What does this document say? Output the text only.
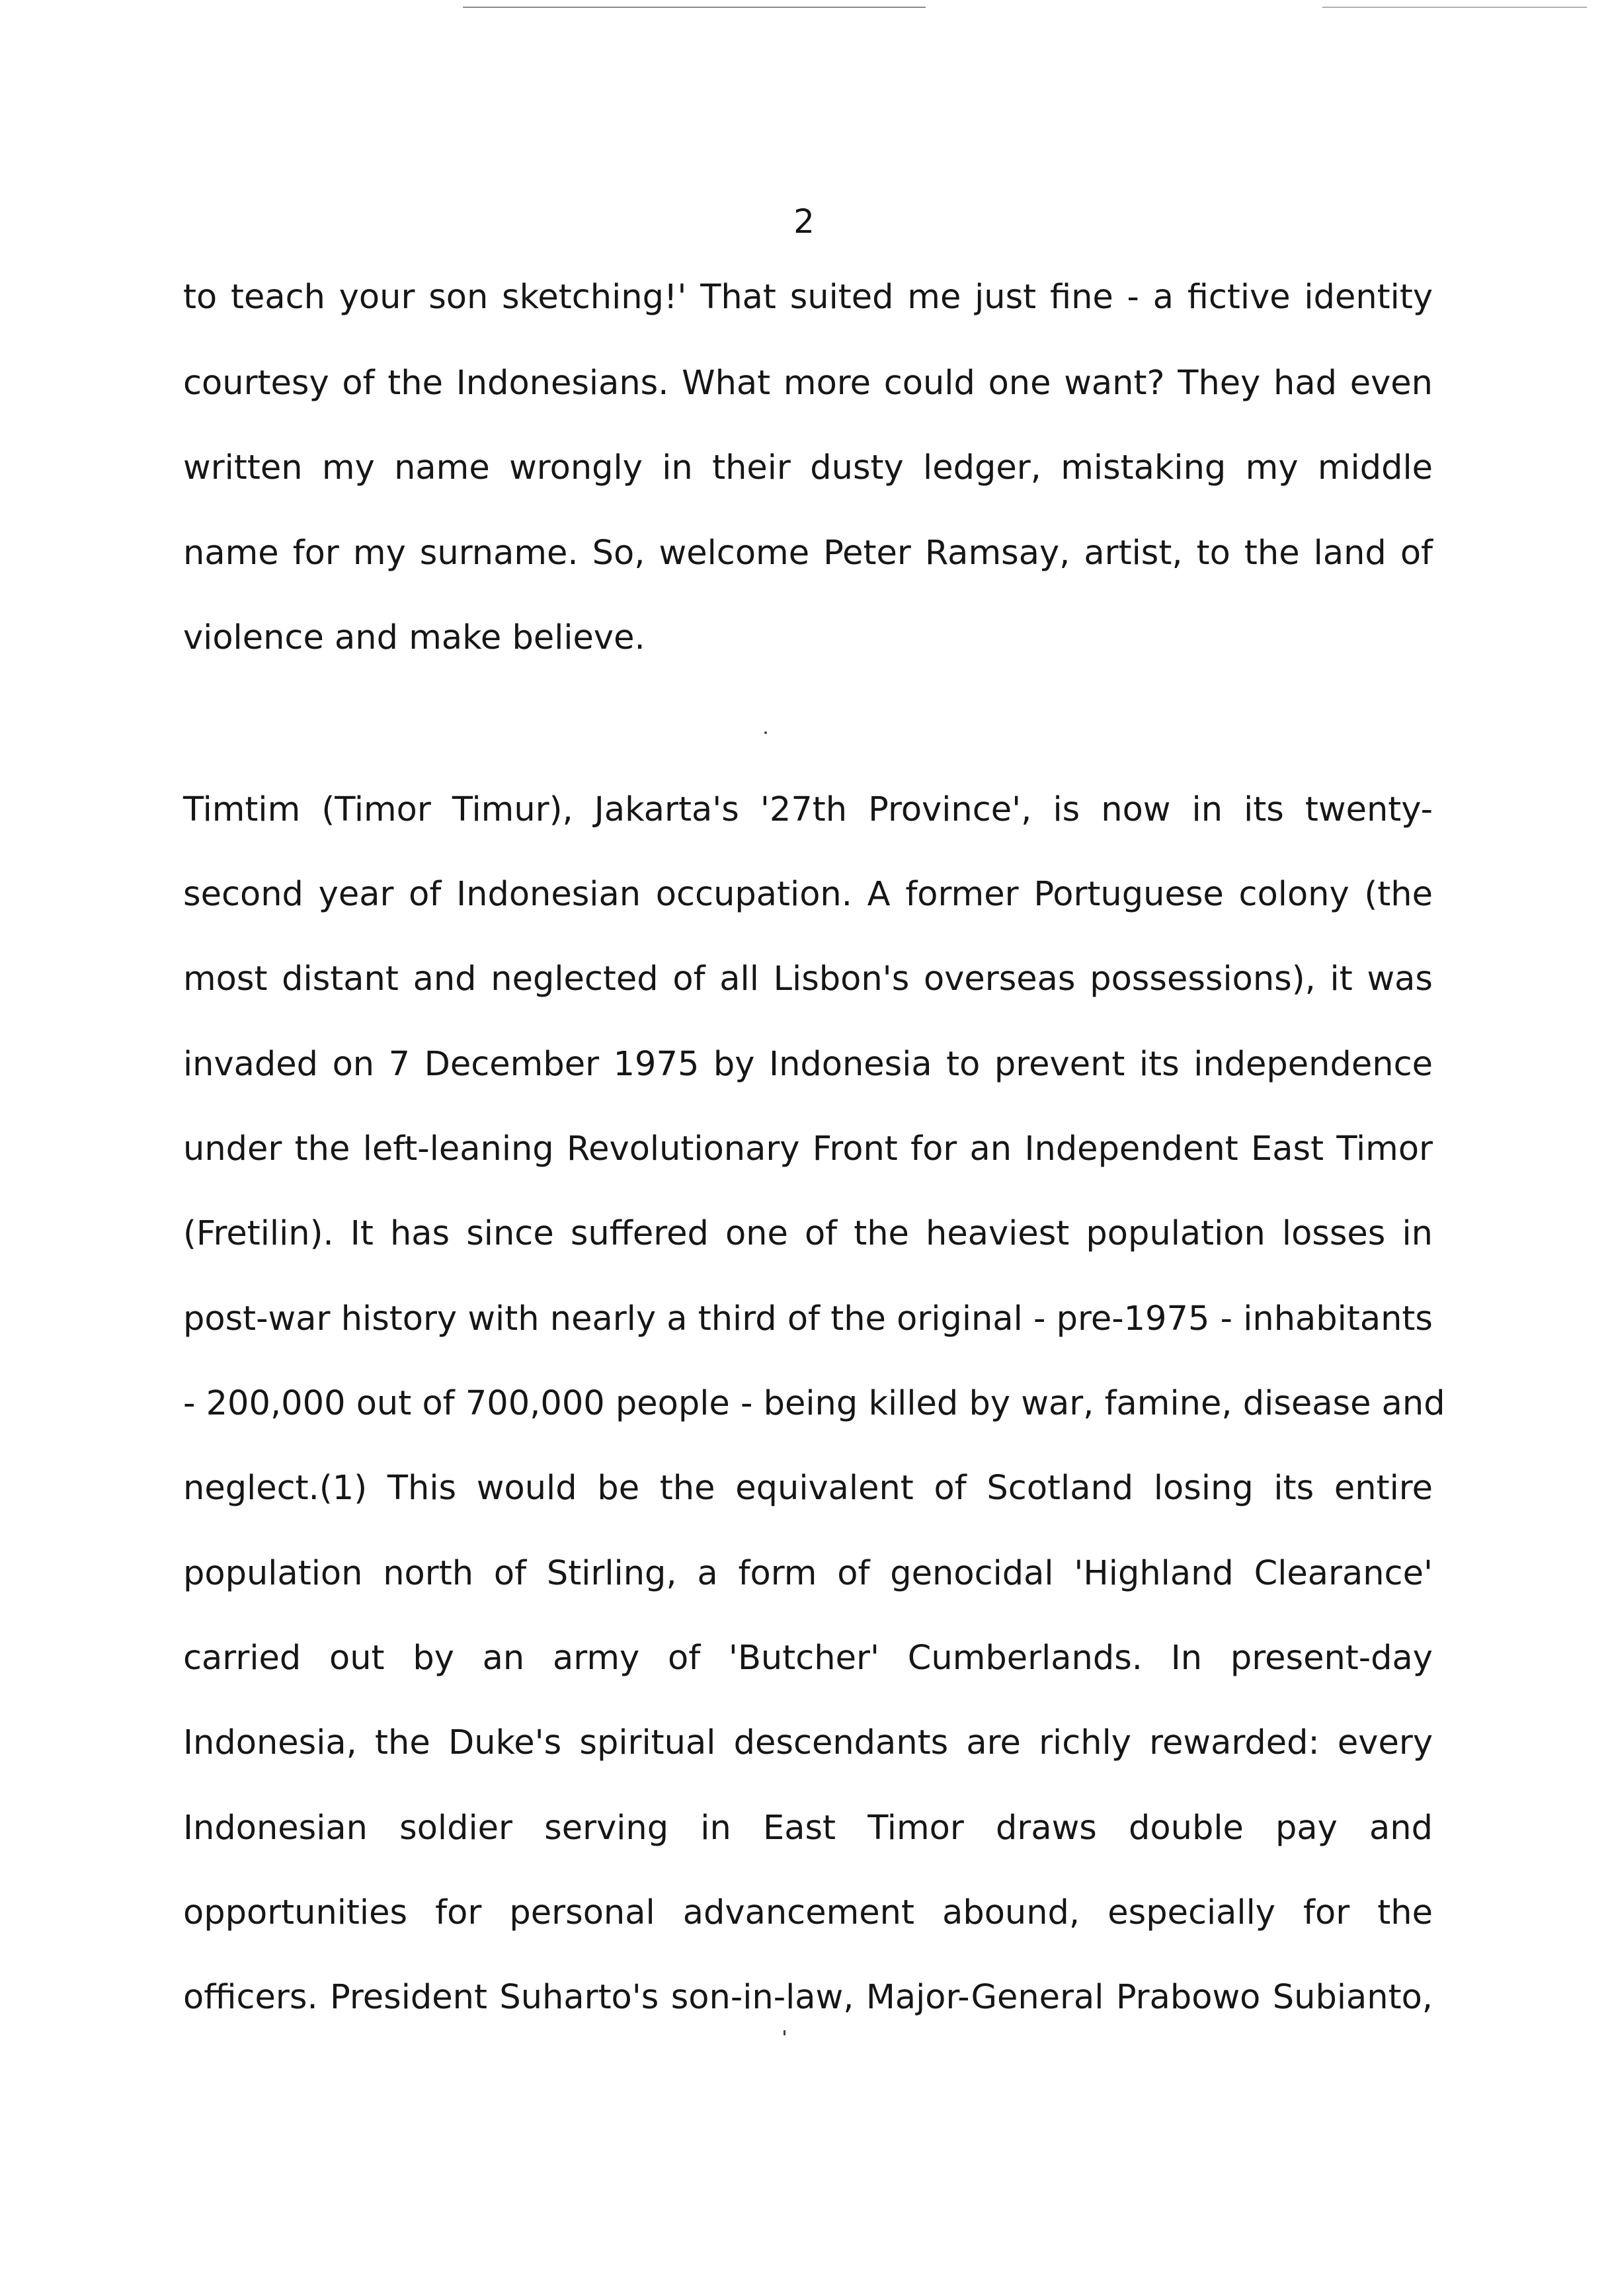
2
to teach your son sketching!' That suited me just fine - a fictive identity
courtesy of the Indonesians. What more could one want? They had even
written my name wrongly in their dusty ledger, mistaking my middle
name for my surname. So, welcome Peter Ramsay, artist, to the land of
violence and make believe.
Timtim (Timor Timur), Jakarta's '27th Province', is now in its twenty-
second year of Indonesian occupation. A former Portuguese colony (the
most distant and neglected of all Lisbon's overseas possessions), it was
invaded on 7 December 1975 by Indonesia to prevent its independence
under the left-leaning Revolutionary Front for an Independent East Timor
(Fretilin). It has since suffered one of the heaviest population losses in
post-war history with nearly a third of the original - pre-1975 - inhabitants
- 200,000 out of 700,000 people - being killed by war, famine, disease and
neglect.(1) This would be the equivalent of Scotland losing its entire
population north of Stirling, a form of genocidal 'Highland Clearance'
carried out by an army of 'Butcher' Cumberlands. In present-day
Indonesia, the Duke's spiritual descendants are richly rewarded: every
Indonesian soldier serving in East Timor draws double pay and
opportunities for personal advancement abound, especially for the
officers. President Suharto's son-in-law, Major-General Prabowo Subianto,
